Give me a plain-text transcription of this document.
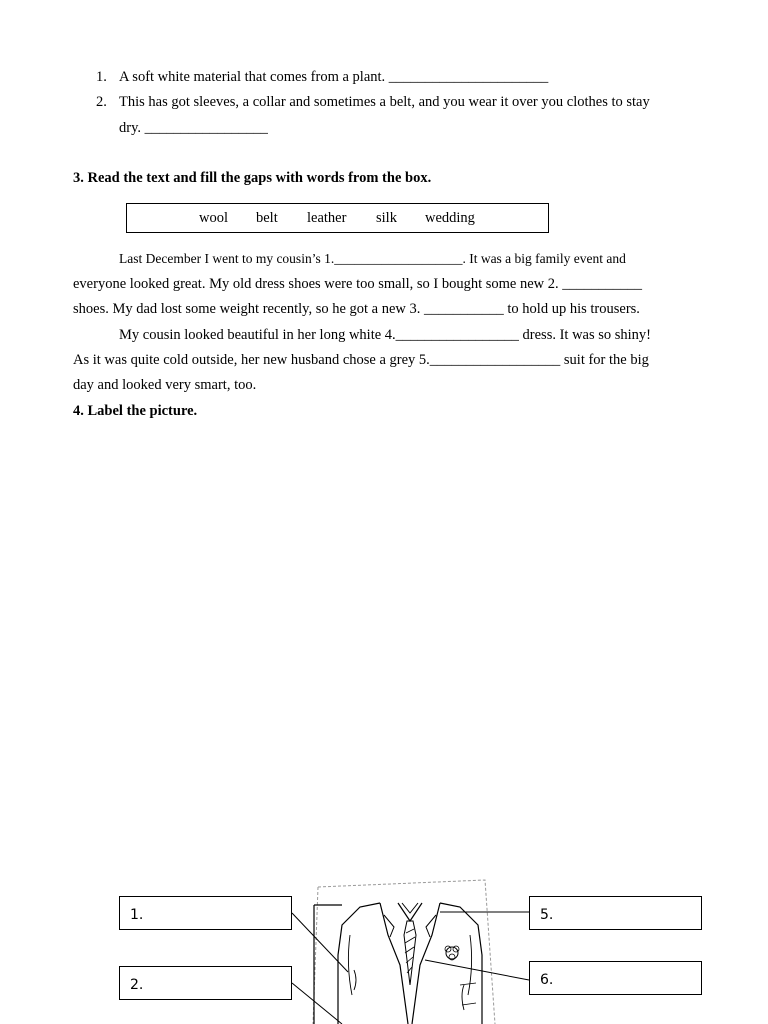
1. A soft white material that comes from a plant. ______________________
2. This has got sleeves, a collar and sometimes a belt, and you wear it over you clothes to stay
dry. _________________
3. Read the text and fill the gaps with words from the box.
wool belt leather silk wedding
Last December I went to my cousin’s 1.___________________. It was a big family event and
everyone looked great. My old dress shoes were too small, so I bought some new 2. ___________
shoes. My dad lost some weight recently, so he got a new 3. ___________ to hold up his trousers.
My cousin looked beautiful in her long white 4._________________ dress. It was so shiny!
As it was quite cold outside, her new husband chose a grey 5.__________________ suit for the big
day and looked very smart, too.
4. Label the picture.
1.
2.
5.
6.
